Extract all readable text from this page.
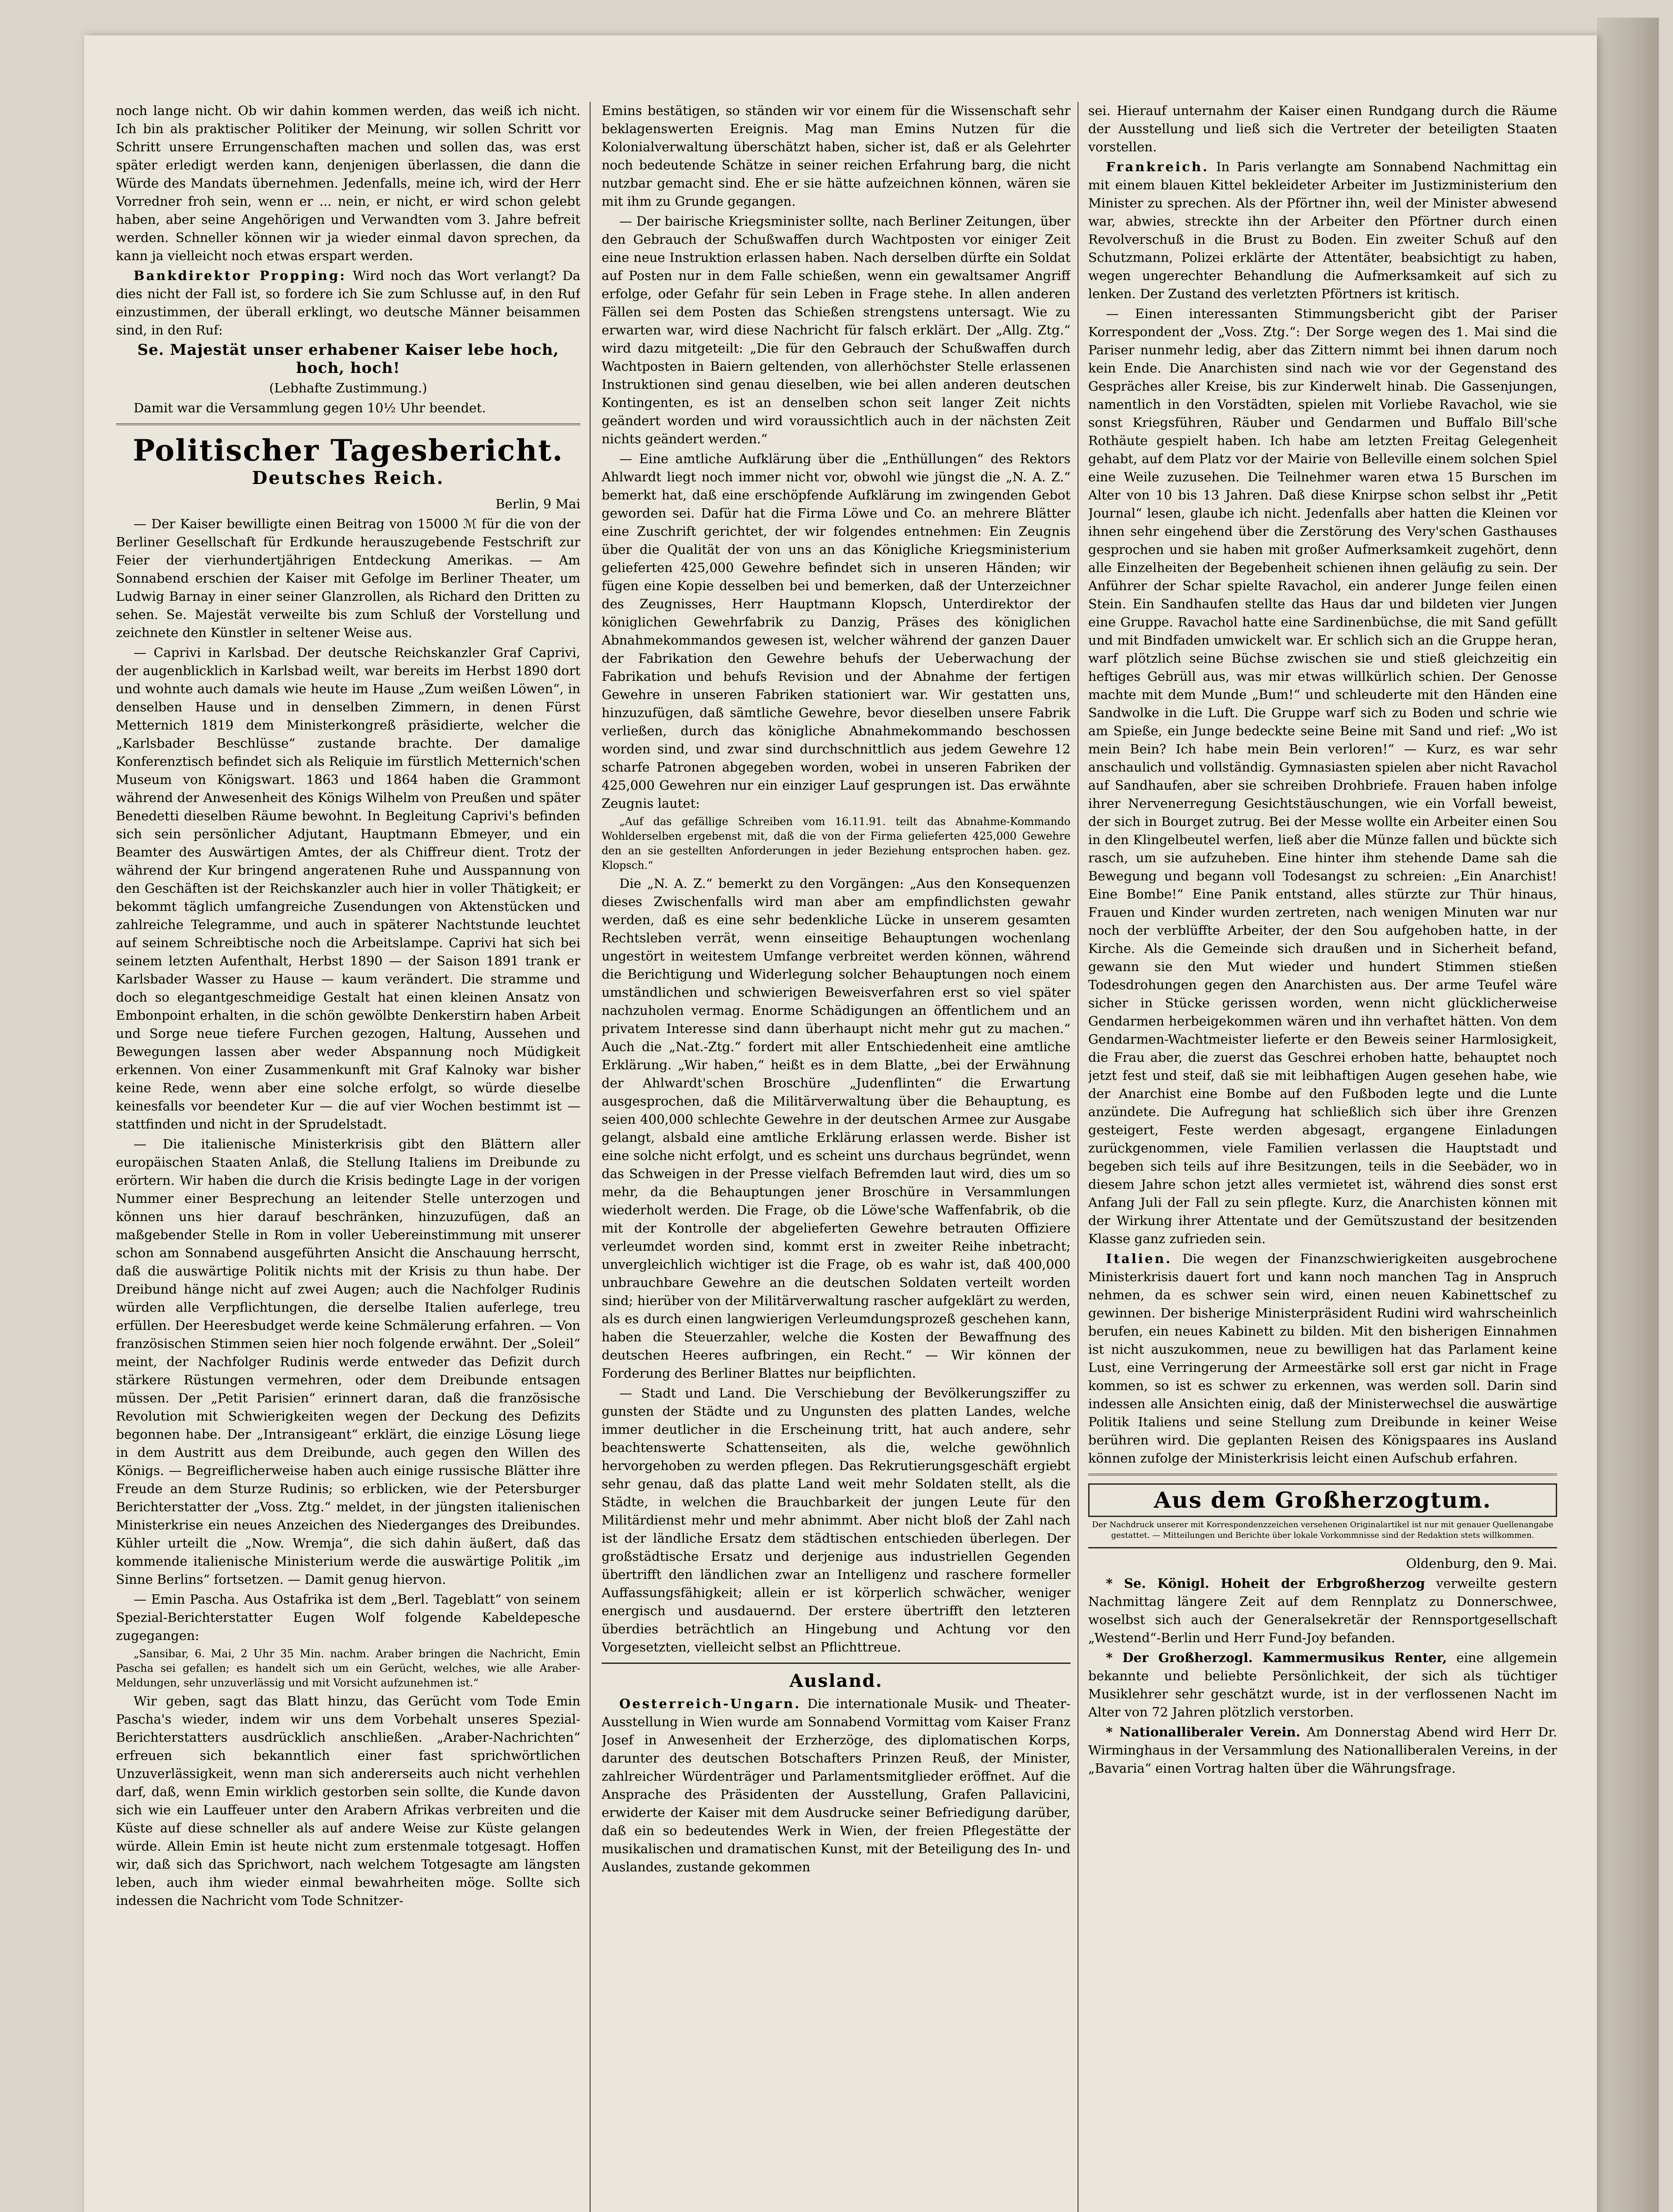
noch lange nicht. Ob wir dahin kommen werden, das weiß ich nicht. Ich bin als praktischer Politiker der Meinung, wir sollen Schritt vor Schritt unsere Errungenschaften machen und sollen das, was erst später erledigt werden kann, denjenigen überlassen, die dann die Würde des Mandats übernehmen. Jedenfalls, meine ich, wird der Herr Vorredner froh sein, wenn er ... nein, er nicht, er wird schon gelebt haben, aber seine Angehörigen und Verwandten vom 3. Jahre befreit werden. Schneller können wir ja wieder einmal davon sprechen, da kann ja vielleicht noch etwas erspart werden.

Bankdirektor Propping: Wird noch das Wort verlangt? Da dies nicht der Fall ist, so fordere ich Sie zum Schlusse auf, in den Ruf einzustimmen, der überall erklingt, wo deutsche Männer beisammen sind, in den Ruf:

Se. Majestät unser erhabener Kaiser lebe hoch, hoch, hoch!

(Lebhafte Zustimmung.)

Damit war die Versammlung gegen 10½ Uhr beendet.

Politischer Tagesbericht.
Deutsches Reich.

Berlin, 9 Mai

— Der Kaiser bewilligte einen Beitrag von 15000 ℳ für die von der Berliner Gesellschaft für Erdkunde herauszugebende Festschrift zur Feier der vierhundertjährigen Entdeckung Amerikas. — Am Sonnabend erschien der Kaiser mit Gefolge im Berliner Theater, um Ludwig Barnay in einer seiner Glanzrollen, als Richard den Dritten zu sehen. Se. Majestät verweilte bis zum Schluß der Vorstellung und zeichnete den Künstler in seltener Weise aus.

— Caprivi in Karlsbad. Der deutsche Reichskanzler Graf Caprivi, der augenblicklich in Karlsbad weilt, war bereits im Herbst 1890 dort und wohnte auch damals wie heute im Hause „Zum weißen Löwen“, in denselben Hause und in denselben Zimmern, in denen Fürst Metternich 1819 dem Ministerkongreß präsidierte, welcher die „Karlsbader Beschlüsse“ zustande brachte. Der damalige Konferenztisch befindet sich als Reliquie im fürstlich Metternich'schen Museum von Königswart. 1863 und 1864 haben die Grammont während der Anwesenheit des Königs Wilhelm von Preußen und später Benedetti dieselben Räume bewohnt. In Begleitung Caprivi's befinden sich sein persönlicher Adjutant, Hauptmann Ebmeyer, und ein Beamter des Auswärtigen Amtes, der als Chiffreur dient. Trotz der während der Kur bringend angeratenen Ruhe und Ausspannung von den Geschäften ist der Reichskanzler auch hier in voller Thätigkeit; er bekommt täglich umfangreiche Zusendungen von Aktenstücken und zahlreiche Telegramme, und auch in späterer Nachtstunde leuchtet auf seinem Schreibtische noch die Arbeitslampe. Caprivi hat sich bei seinem letzten Aufenthalt, Herbst 1890 — der Saison 1891 trank er Karlsbader Wasser zu Hause — kaum verändert. Die stramme und doch so elegantgeschmeidige Gestalt hat einen kleinen Ansatz von Embonpoint erhalten, in die schön gewölbte Denkerstirn haben Arbeit und Sorge neue tiefere Furchen gezogen, Haltung, Aussehen und Bewegungen lassen aber weder Abspannung noch Müdigkeit erkennen. Von einer Zusammenkunft mit Graf Kalnoky war bisher keine Rede, wenn aber eine solche erfolgt, so würde dieselbe keinesfalls vor beendeter Kur — die auf vier Wochen bestimmt ist — stattfinden und nicht in der Sprudelstadt.

— Die italienische Ministerkrisis gibt den Blättern aller europäischen Staaten Anlaß, die Stellung Italiens im Dreibunde zu erörtern. Wir haben die durch die Krisis bedingte Lage in der vorigen Nummer einer Besprechung an leitender Stelle unterzogen und können uns hier darauf beschränken, hinzuzufügen, daß an maßgebender Stelle in Rom in voller Uebereinstimmung mit unserer schon am Sonnabend ausgeführten Ansicht die Anschauung herrscht, daß die auswärtige Politik nichts mit der Krisis zu thun habe. Der Dreibund hänge nicht auf zwei Augen; auch die Nachfolger Rudinis würden alle Verpflichtungen, die derselbe Italien auferlege, treu erfüllen. Der Heeresbudget werde keine Schmälerung erfahren. — Von französischen Stimmen seien hier noch folgende erwähnt. Der „Soleil“ meint, der Nachfolger Rudinis werde entweder das Defizit durch stärkere Rüstungen vermehren, oder dem Dreibunde entsagen müssen. Der „Petit Parisien“ erinnert daran, daß die französische Revolution mit Schwierigkeiten wegen der Deckung des Defizits begonnen habe. Der „Intransigeant“ erklärt, die einzige Lösung liege in dem Austritt aus dem Dreibunde, auch gegen den Willen des Königs. — Begreiflicherweise haben auch einige russische Blätter ihre Freude an dem Sturze Rudinis; so erblicken, wie der Petersburger Berichterstatter der „Voss. Ztg.“ meldet, in der jüngsten italienischen Ministerkrise ein neues Anzeichen des Niederganges des Dreibundes. Kühler urteilt die „Now. Wremja“, die sich dahin äußert, daß das kommende italienische Ministerium werde die auswärtige Politik „im Sinne Berlins“ fortsetzen. — Damit genug hiervon.

— Emin Pascha. Aus Ostafrika ist dem „Berl. Tageblatt“ von seinem Spezial-Berichterstatter Eugen Wolf folgende Kabeldepesche zugegangen:

„Sansibar, 6. Mai, 2 Uhr 35 Min. nachm. Araber bringen die Nachricht, Emin Pascha sei gefallen; es handelt sich um ein Gerücht, welches, wie alle Araber-Meldungen, sehr unzuverlässig und mit Vorsicht aufzunehmen ist.“

Wir geben, sagt das Blatt hinzu, das Gerücht vom Tode Emin Pascha's wieder, indem wir uns dem Vorbehalt unseres Spezial-Berichterstatters ausdrücklich anschließen. „Araber-Nachrichten“ erfreuen sich bekanntlich einer fast sprichwörtlichen Unzuverlässigkeit, wenn man sich andererseits auch nicht verhehlen darf, daß, wenn Emin wirklich gestorben sein sollte, die Kunde davon sich wie ein Lauffeuer unter den Arabern Afrikas verbreiten und die Küste auf diese schneller als auf andere Weise zur Küste gelangen würde. Allein Emin ist heute nicht zum erstenmale totgesagt. Hoffen wir, daß sich das Sprichwort, nach welchem Totgesagte am längsten leben, auch ihm wieder einmal bewahrheiten möge. Sollte sich indessen die Nachricht vom Tode Schnitzer-

Emins bestätigen, so ständen wir vor einem für die Wissenschaft sehr beklagenswerten Ereignis. Mag man Emins Nutzen für die Kolonialverwaltung überschätzt haben, sicher ist, daß er als Gelehrter noch bedeutende Schätze in seiner reichen Erfahrung barg, die nicht nutzbar gemacht sind. Ehe er sie hätte aufzeichnen können, wären sie mit ihm zu Grunde gegangen.

— Der bairische Kriegsminister sollte, nach Berliner Zeitungen, über den Gebrauch der Schußwaffen durch Wachtposten vor einiger Zeit eine neue Instruktion erlassen haben. Nach derselben dürfte ein Soldat auf Posten nur in dem Falle schießen, wenn ein gewaltsamer Angriff erfolge, oder Gefahr für sein Leben in Frage stehe. In allen anderen Fällen sei dem Posten das Schießen strengstens untersagt. Wie zu erwarten war, wird diese Nachricht für falsch erklärt. Der „Allg. Ztg.“ wird dazu mitgeteilt: „Die für den Gebrauch der Schußwaffen durch Wachtposten in Baiern geltenden, von allerhöchster Stelle erlassenen Instruktionen sind genau dieselben, wie bei allen anderen deutschen Kontingenten, es ist an denselben schon seit langer Zeit nichts geändert worden und wird voraussichtlich auch in der nächsten Zeit nichts geändert werden.“

— Eine amtliche Aufklärung über die „Enthüllungen“ des Rektors Ahlwardt liegt noch immer nicht vor, obwohl wie jüngst die „N. A. Z.“ bemerkt hat, daß eine erschöpfende Aufklärung im zwingenden Gebot geworden sei. Dafür hat die Firma Löwe und Co. an mehrere Blätter eine Zuschrift gerichtet, der wir folgendes entnehmen: Ein Zeugnis über die Qualität der von uns an das Königliche Kriegsministerium gelieferten 425,000 Gewehre befindet sich in unseren Händen; wir fügen eine Kopie desselben bei und bemerken, daß der Unterzeichner des Zeugnisses, Herr Hauptmann Klopsch, Unterdirektor der königlichen Gewehrfabrik zu Danzig, Präses des königlichen Abnahmekommandos gewesen ist, welcher während der ganzen Dauer der Fabrikation den Gewehre behufs der Ueberwachung der Fabrikation und behufs Revision und der Abnahme der fertigen Gewehre in unseren Fabriken stationiert war. Wir gestatten uns, hinzuzufügen, daß sämtliche Gewehre, bevor dieselben unsere Fabrik verließen, durch das königliche Abnahmekommando beschossen worden sind, und zwar sind durchschnittlich aus jedem Gewehre 12 scharfe Patronen abgegeben worden, wobei in unseren Fabriken der 425,000 Gewehren nur ein einziger Lauf gesprungen ist. Das erwähnte Zeugnis lautet:

„Auf das gefällige Schreiben vom 16.11.91. teilt das Abnahme-Kommando Wohlderselben ergebenst mit, daß die von der Firma gelieferten 425,000 Gewehre den an sie gestellten Anforderungen in jeder Beziehung entsprochen haben. gez. Klopsch.“

Die „N. A. Z.“ bemerkt zu den Vorgängen: „Aus den Konsequenzen dieses Zwischenfalls wird man aber am empfindlichsten gewahr werden, daß es eine sehr bedenkliche Lücke in unserem gesamten Rechtsleben verrät, wenn einseitige Behauptungen wochenlang ungestört in weitestem Umfange verbreitet werden können, während die Berichtigung und Widerlegung solcher Behauptungen noch einem umständlichen und schwierigen Beweisverfahren erst so viel später nachzuholen vermag. Enorme Schädigungen an öffentlichem und an privatem Interesse sind dann überhaupt nicht mehr gut zu machen.“ Auch die „Nat.-Ztg.“ fordert mit aller Entschiedenheit eine amtliche Erklärung. „Wir haben,“ heißt es in dem Blatte, „bei der Erwähnung der Ahlwardt'schen Broschüre „Judenflinten“ die Erwartung ausgesprochen, daß die Militärverwaltung über die Behauptung, es seien 400,000 schlechte Gewehre in der deutschen Armee zur Ausgabe gelangt, alsbald eine amtliche Erklärung erlassen werde. Bisher ist eine solche nicht erfolgt, und es scheint uns durchaus begründet, wenn das Schweigen in der Presse vielfach Befremden laut wird, dies um so mehr, da die Behauptungen jener Broschüre in Versammlungen wiederholt werden. Die Frage, ob die Löwe'sche Waffenfabrik, ob die mit der Kontrolle der abgelieferten Gewehre betrauten Offiziere verleumdet worden sind, kommt erst in zweiter Reihe inbetracht; unvergleichlich wichtiger ist die Frage, ob es wahr ist, daß 400,000 unbrauchbare Gewehre an die deutschen Soldaten verteilt worden sind; hierüber von der Militärverwaltung rascher aufgeklärt zu werden, als es durch einen langwierigen Verleumdungsprozeß geschehen kann, haben die Steuerzahler, welche die Kosten der Bewaffnung des deutschen Heeres aufbringen, ein Recht.“ — Wir können der Forderung des Berliner Blattes nur beipflichten.

— Stadt und Land. Die Verschiebung der Bevölkerungsziffer zu gunsten der Städte und zu Ungunsten des platten Landes, welche immer deutlicher in die Erscheinung tritt, hat auch andere, sehr beachtenswerte Schattenseiten, als die, welche gewöhnlich hervorgehoben zu werden pflegen. Das Rekrutierungsgeschäft ergiebt sehr genau, daß das platte Land weit mehr Soldaten stellt, als die Städte, in welchen die Brauchbarkeit der jungen Leute für den Militärdienst mehr und mehr abnimmt. Aber nicht bloß der Zahl nach ist der ländliche Ersatz dem städtischen entschieden überlegen. Der großstädtische Ersatz und derjenige aus industriellen Gegenden übertrifft den ländlichen zwar an Intelligenz und raschere formeller Auffassungsfähigkeit; allein er ist körperlich schwächer, weniger energisch und ausdauernd. Der erstere übertrifft den letzteren überdies beträchtlich an Hingebung und Achtung vor den Vorgesetzten, vielleicht selbst an Pflichttreue.

Ausland.

Oesterreich-Ungarn. Die internationale Musik- und Theater-Ausstellung in Wien wurde am Sonnabend Vormittag vom Kaiser Franz Josef in Anwesenheit der Erzherzöge, des diplomatischen Korps, darunter des deutschen Botschafters Prinzen Reuß, der Minister, zahlreicher Würdenträger und Parlamentsmitglieder eröffnet. Auf die Ansprache des Präsidenten der Ausstellung, Grafen Pallavicini, erwiderte der Kaiser mit dem Ausdrucke seiner Befriedigung darüber, daß ein so bedeutendes Werk in Wien, der freien Pflegestätte der musikalischen und dramatischen Kunst, mit der Beteiligung des In- und Auslandes, zustande gekommen

sei. Hierauf unternahm der Kaiser einen Rundgang durch die Räume der Ausstellung und ließ sich die Vertreter der beteiligten Staaten vorstellen.

Frankreich. In Paris verlangte am Sonnabend Nachmittag ein mit einem blauen Kittel bekleideter Arbeiter im Justizministerium den Minister zu sprechen. Als der Pförtner ihn, weil der Minister abwesend war, abwies, streckte ihn der Arbeiter den Pförtner durch einen Revolverschuß in die Brust zu Boden. Ein zweiter Schuß auf den Schutzmann, Polizei erklärte der Attentäter, beabsichtigt zu haben, wegen ungerechter Behandlung die Aufmerksamkeit auf sich zu lenken. Der Zustand des verletzten Pförtners ist kritisch.

— Einen interessanten Stimmungsbericht gibt der Pariser Korrespondent der „Voss. Ztg.“: Der Sorge wegen des 1. Mai sind die Pariser nunmehr ledig, aber das Zittern nimmt bei ihnen darum noch kein Ende. Die Anarchisten sind nach wie vor der Gegenstand des Gespräches aller Kreise, bis zur Kinderwelt hinab. Die Gassenjungen, namentlich in den Vorstädten, spielen mit Vorliebe Ravachol, wie sie sonst Kriegsführen, Räuber und Gendarmen und Buffalo Bill'sche Rothäute gespielt haben. Ich habe am letzten Freitag Gelegenheit gehabt, auf dem Platz vor der Mairie von Belleville einem solchen Spiel eine Weile zuzusehen. Die Teilnehmer waren etwa 15 Burschen im Alter von 10 bis 13 Jahren. Daß diese Knirpse schon selbst ihr „Petit Journal“ lesen, glaube ich nicht. Jedenfalls aber hatten die Kleinen vor ihnen sehr eingehend über die Zerstörung des Very'schen Gasthauses gesprochen und sie haben mit großer Aufmerksamkeit zugehört, denn alle Einzelheiten der Begebenheit schienen ihnen geläufig zu sein. Der Anführer der Schar spielte Ravachol, ein anderer Junge feilen einen Stein. Ein Sandhaufen stellte das Haus dar und bildeten vier Jungen eine Gruppe. Ravachol hatte eine Sardinenbüchse, die mit Sand gefüllt und mit Bindfaden umwickelt war. Er schlich sich an die Gruppe heran, warf plötzlich seine Büchse zwischen sie und stieß gleichzeitig ein heftiges Gebrüll aus, was mir etwas willkürlich schien. Der Genosse machte mit dem Munde „Bum!“ und schleuderte mit den Händen eine Sandwolke in die Luft. Die Gruppe warf sich zu Boden und schrie wie am Spieße, ein Junge bedeckte seine Beine mit Sand und rief: „Wo ist mein Bein? Ich habe mein Bein verloren!“ — Kurz, es war sehr anschaulich und vollständig. Gymnasiasten spielen aber nicht Ravachol auf Sandhaufen, aber sie schreiben Drohbriefe. Frauen haben infolge ihrer Nervenerregung Gesichtstäuschungen, wie ein Vorfall beweist, der sich in Bourget zutrug. Bei der Messe wollte ein Arbeiter einen Sou in den Klingelbeutel werfen, ließ aber die Münze fallen und bückte sich rasch, um sie aufzuheben. Eine hinter ihm stehende Dame sah die Bewegung und begann voll Todesangst zu schreien: „Ein Anarchist! Eine Bombe!“ Eine Panik entstand, alles stürzte zur Thür hinaus, Frauen und Kinder wurden zertreten, nach wenigen Minuten war nur noch der verblüffte Arbeiter, der den Sou aufgehoben hatte, in der Kirche. Als die Gemeinde sich draußen und in Sicherheit befand, gewann sie den Mut wieder und hundert Stimmen stießen Todesdrohungen gegen den Anarchisten aus. Der arme Teufel wäre sicher in Stücke gerissen worden, wenn nicht glücklicherweise Gendarmen herbeigekommen wären und ihn verhaftet hätten. Von dem Gendarmen-Wachtmeister lieferte er den Beweis seiner Harmlosigkeit, die Frau aber, die zuerst das Geschrei erhoben hatte, behauptet noch jetzt fest und steif, daß sie mit leibhaftigen Augen gesehen habe, wie der Anarchist eine Bombe auf den Fußboden legte und die Lunte anzündete. Die Aufregung hat schließlich sich über ihre Grenzen gesteigert, Feste werden abgesagt, ergangene Einladungen zurückgenommen, viele Familien verlassen die Hauptstadt und begeben sich teils auf ihre Besitzungen, teils in die Seebäder, wo in diesem Jahre schon jetzt alles vermietet ist, während dies sonst erst Anfang Juli der Fall zu sein pflegte. Kurz, die Anarchisten können mit der Wirkung ihrer Attentate und der Gemütszustand der besitzenden Klasse ganz zufrieden sein.

Italien. Die wegen der Finanzschwierigkeiten ausgebrochene Ministerkrisis dauert fort und kann noch manchen Tag in Anspruch nehmen, da es schwer sein wird, einen neuen Kabinettschef zu gewinnen. Der bisherige Ministerpräsident Rudini wird wahrscheinlich berufen, ein neues Kabinett zu bilden. Mit den bisherigen Einnahmen ist nicht auszukommen, neue zu bewilligen hat das Parlament keine Lust, eine Verringerung der Armeestärke soll erst gar nicht in Frage kommen, so ist es schwer zu erkennen, was werden soll. Darin sind indessen alle Ansichten einig, daß der Ministerwechsel die auswärtige Politik Italiens und seine Stellung zum Dreibunde in keiner Weise berühren wird. Die geplanten Reisen des Königspaares ins Ausland können zufolge der Ministerkrisis leicht einen Aufschub erfahren.

Aus dem Großherzogtum.

Der Nachdruck unserer mit Korrespondenzzeichen versehenen Originalartikel ist nur mit genauer Quellenangabe gestattet. — Mitteilungen und Berichte über lokale Vorkommnisse sind der Redaktion stets willkommen.

Oldenburg, den 9. Mai.

* Se. Königl. Hoheit der Erbgroßherzog verweilte gestern Nachmittag längere Zeit auf dem Rennplatz zu Donnerschwee, woselbst sich auch der Generalsekretär der Rennsportgesellschaft „Westend“-Berlin und Herr Fund-Joy befanden.

* Der Großherzogl. Kammermusikus Renter, eine allgemein bekannte und beliebte Persönlichkeit, der sich als tüchtiger Musiklehrer sehr geschätzt wurde, ist in der verflossenen Nacht im Alter von 72 Jahren plötzlich verstorben.

* Nationalliberaler Verein. Am Donnerstag Abend wird Herr Dr. Wirminghaus in der Versammlung des Nationalliberalen Vereins, in der „Bavaria“ einen Vortrag halten über die Währungsfrage.
